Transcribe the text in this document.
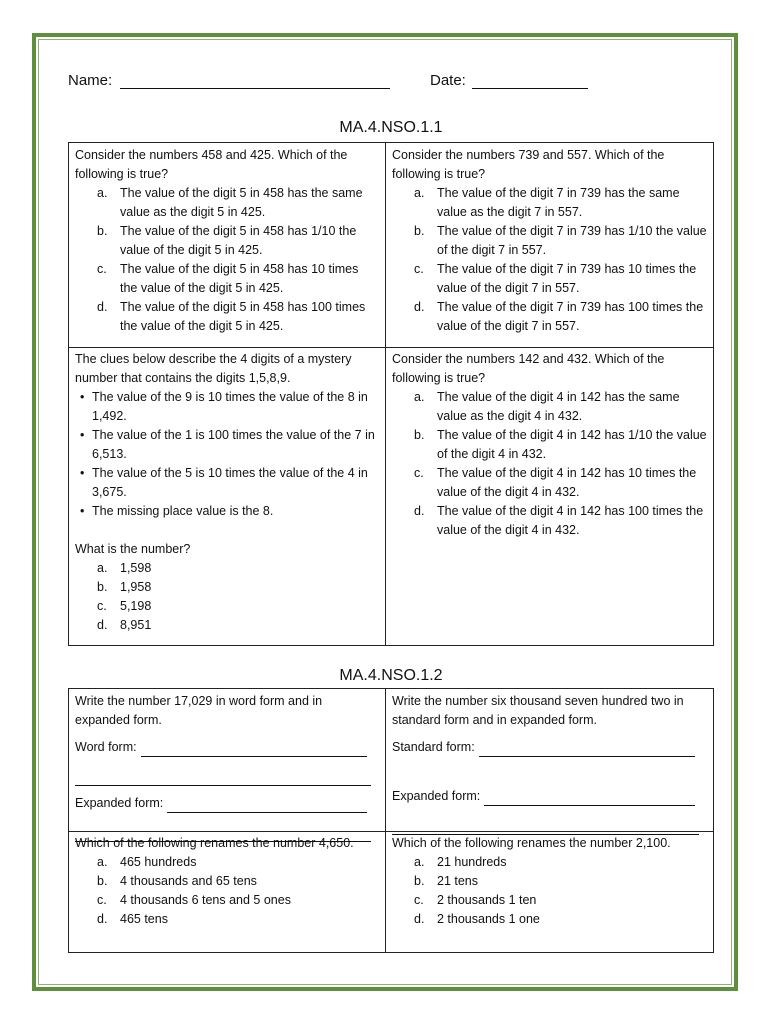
Name:	Date:
MA.4.NSO.1.1

Consider the numbers 458 and 425. Which of the following is true?

a. The value of the digit 5 in 458 has the same value as the digit 5 in 425.
b. The value of the digit 5 in 458 has 1/10 the value of the digit 5 in 425.
c. The value of the digit 5 in 458 has 10 times the value of the digit 5 in 425.
d. The value of the digit 5 in 458 has 100 times the value of the digit 5 in 425.

Consider the numbers 739 and 557. Which of the following is true?

a. The value of the digit 7 in 739 has the same value as the digit 7 in 557.
b. The value of the digit 7 in 739 has 1/10 the value of the digit 7 in 557.
c. The value of the digit 7 in 739 has 10 times the value of the digit 7 in 557.
d. The value of the digit 7 in 739 has 100 times the value of the digit 7 in 557.

The clues below describe the 4 digits of a mystery number that contains the digits 1,5,8,9.

• The value of the 9 is 10 times the value of the 8 in 1,492.
• The value of the 1 is 100 times the value of the 7 in 6,513.
• The value of the 5 is 10 times the value of the 4 in 3,675.
• The missing place value is the 8.

What is the number?

a. 1,598
b. 1,958
c. 5,198
d. 8,951

Consider the numbers 142 and 432. Which of the following is true?

a. The value of the digit 4 in 142 has the same value as the digit 4 in 432.
b. The value of the digit 4 in 142 has 1/10 the value of the digit 4 in 432.
c. The value of the digit 4 in 142 has 10 times the value of the digit 4 in 432.
d. The value of the digit 4 in 142 has 100 times the value of the digit 4 in 432.
MA.4.NSO.1.2

Write the number 17,029 in word form and in expanded form.

Word form:
Expanded form:

Write the number six thousand seven hundred two in standard form and in expanded form.

Standard form:
Expanded form:

Which of the following renames the number 4,650.

a. 465 hundreds
b. 4 thousands and 65 tens
c. 4 thousands 6 tens and 5 ones
d. 465 tens

Which of the following renames the number 2,100.

a. 21 hundreds
b. 21 tens
c. 2 thousands 1 ten
d. 2 thousands 1 one
